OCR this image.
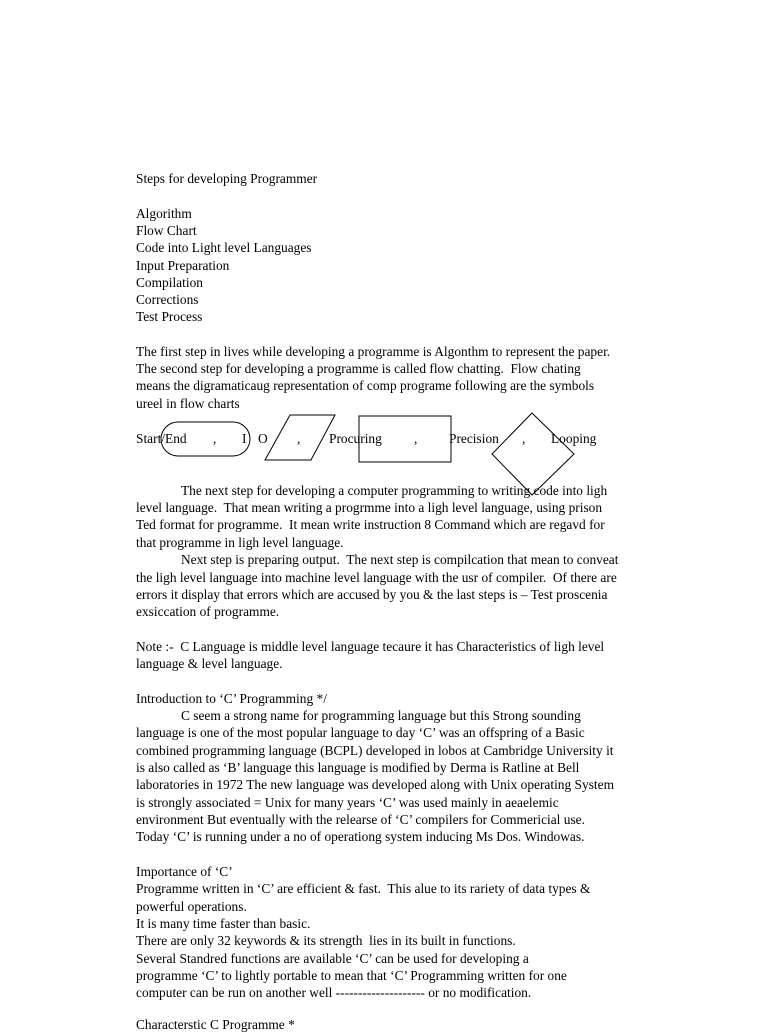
Steps for developing Programmer
Algorithm
Flow Chart
Code into Light level Languages
Input Preparation
Compilation
Corrections
Test Process
The first step in lives while developing a programme is Algonthm to represent the paper.
The second step for developing a programme is called flow chatting.  Flow chating
means the digramaticaug representation of comp programe following are the symbols
ureel in flow charts
Start/End , I O , Procuring , Precision , Looping
The next step for developing a computer programming to writing code into ligh
level language.  That mean writing a progrmme into a ligh level language, using prison
Ted format for programme.  It mean write instruction 8 Command which are regavd for
that programme in ligh level language.
Next step is preparing output.  The next step is compilcation that mean to conveat
the ligh level language into machine level language with the usr of compiler.  Of there are
errors it display that errors which are accused by you & the last steps is – Test proscenia
exsiccation of programme.
Note :-  C Language is middle level language tecaure it has Characteristics of ligh level
language & level language.
Introduction to ‘C’ Programming */
C seem a strong name for programming language but this Strong sounding
language is one of the most popular language to day ‘C’ was an offspring of a Basic
combined programming language (BCPL) developed in lobos at Cambridge University it
is also called as ‘B’ language this language is modified by Derma is Ratline at Bell
laboratories in 1972 The new language was developed along with Unix operating System
is strongly associated = Unix for many years ‘C’ was used mainly in aeaelemic
environment But eventually with the relearse of ‘C’ compilers for Commericial use.
Today ‘C’ is running under a no of operationg system inducing Ms Dos. Windowas.
Importance of ‘C’
Programme written in ‘C’ are efficient & fast.  This alue to its rariety of data types &
powerful operations.
It is many time faster than basic.
There are only 32 keywords & its strength  lies in its built in functions.
Several Standred functions are available ‘C’ can be used for developing a
programme ‘C’ to lightly portable to mean that ‘C’ Programming written for one
computer can be run on another well -------------------- or no modification.
Characterstic C Programme *
